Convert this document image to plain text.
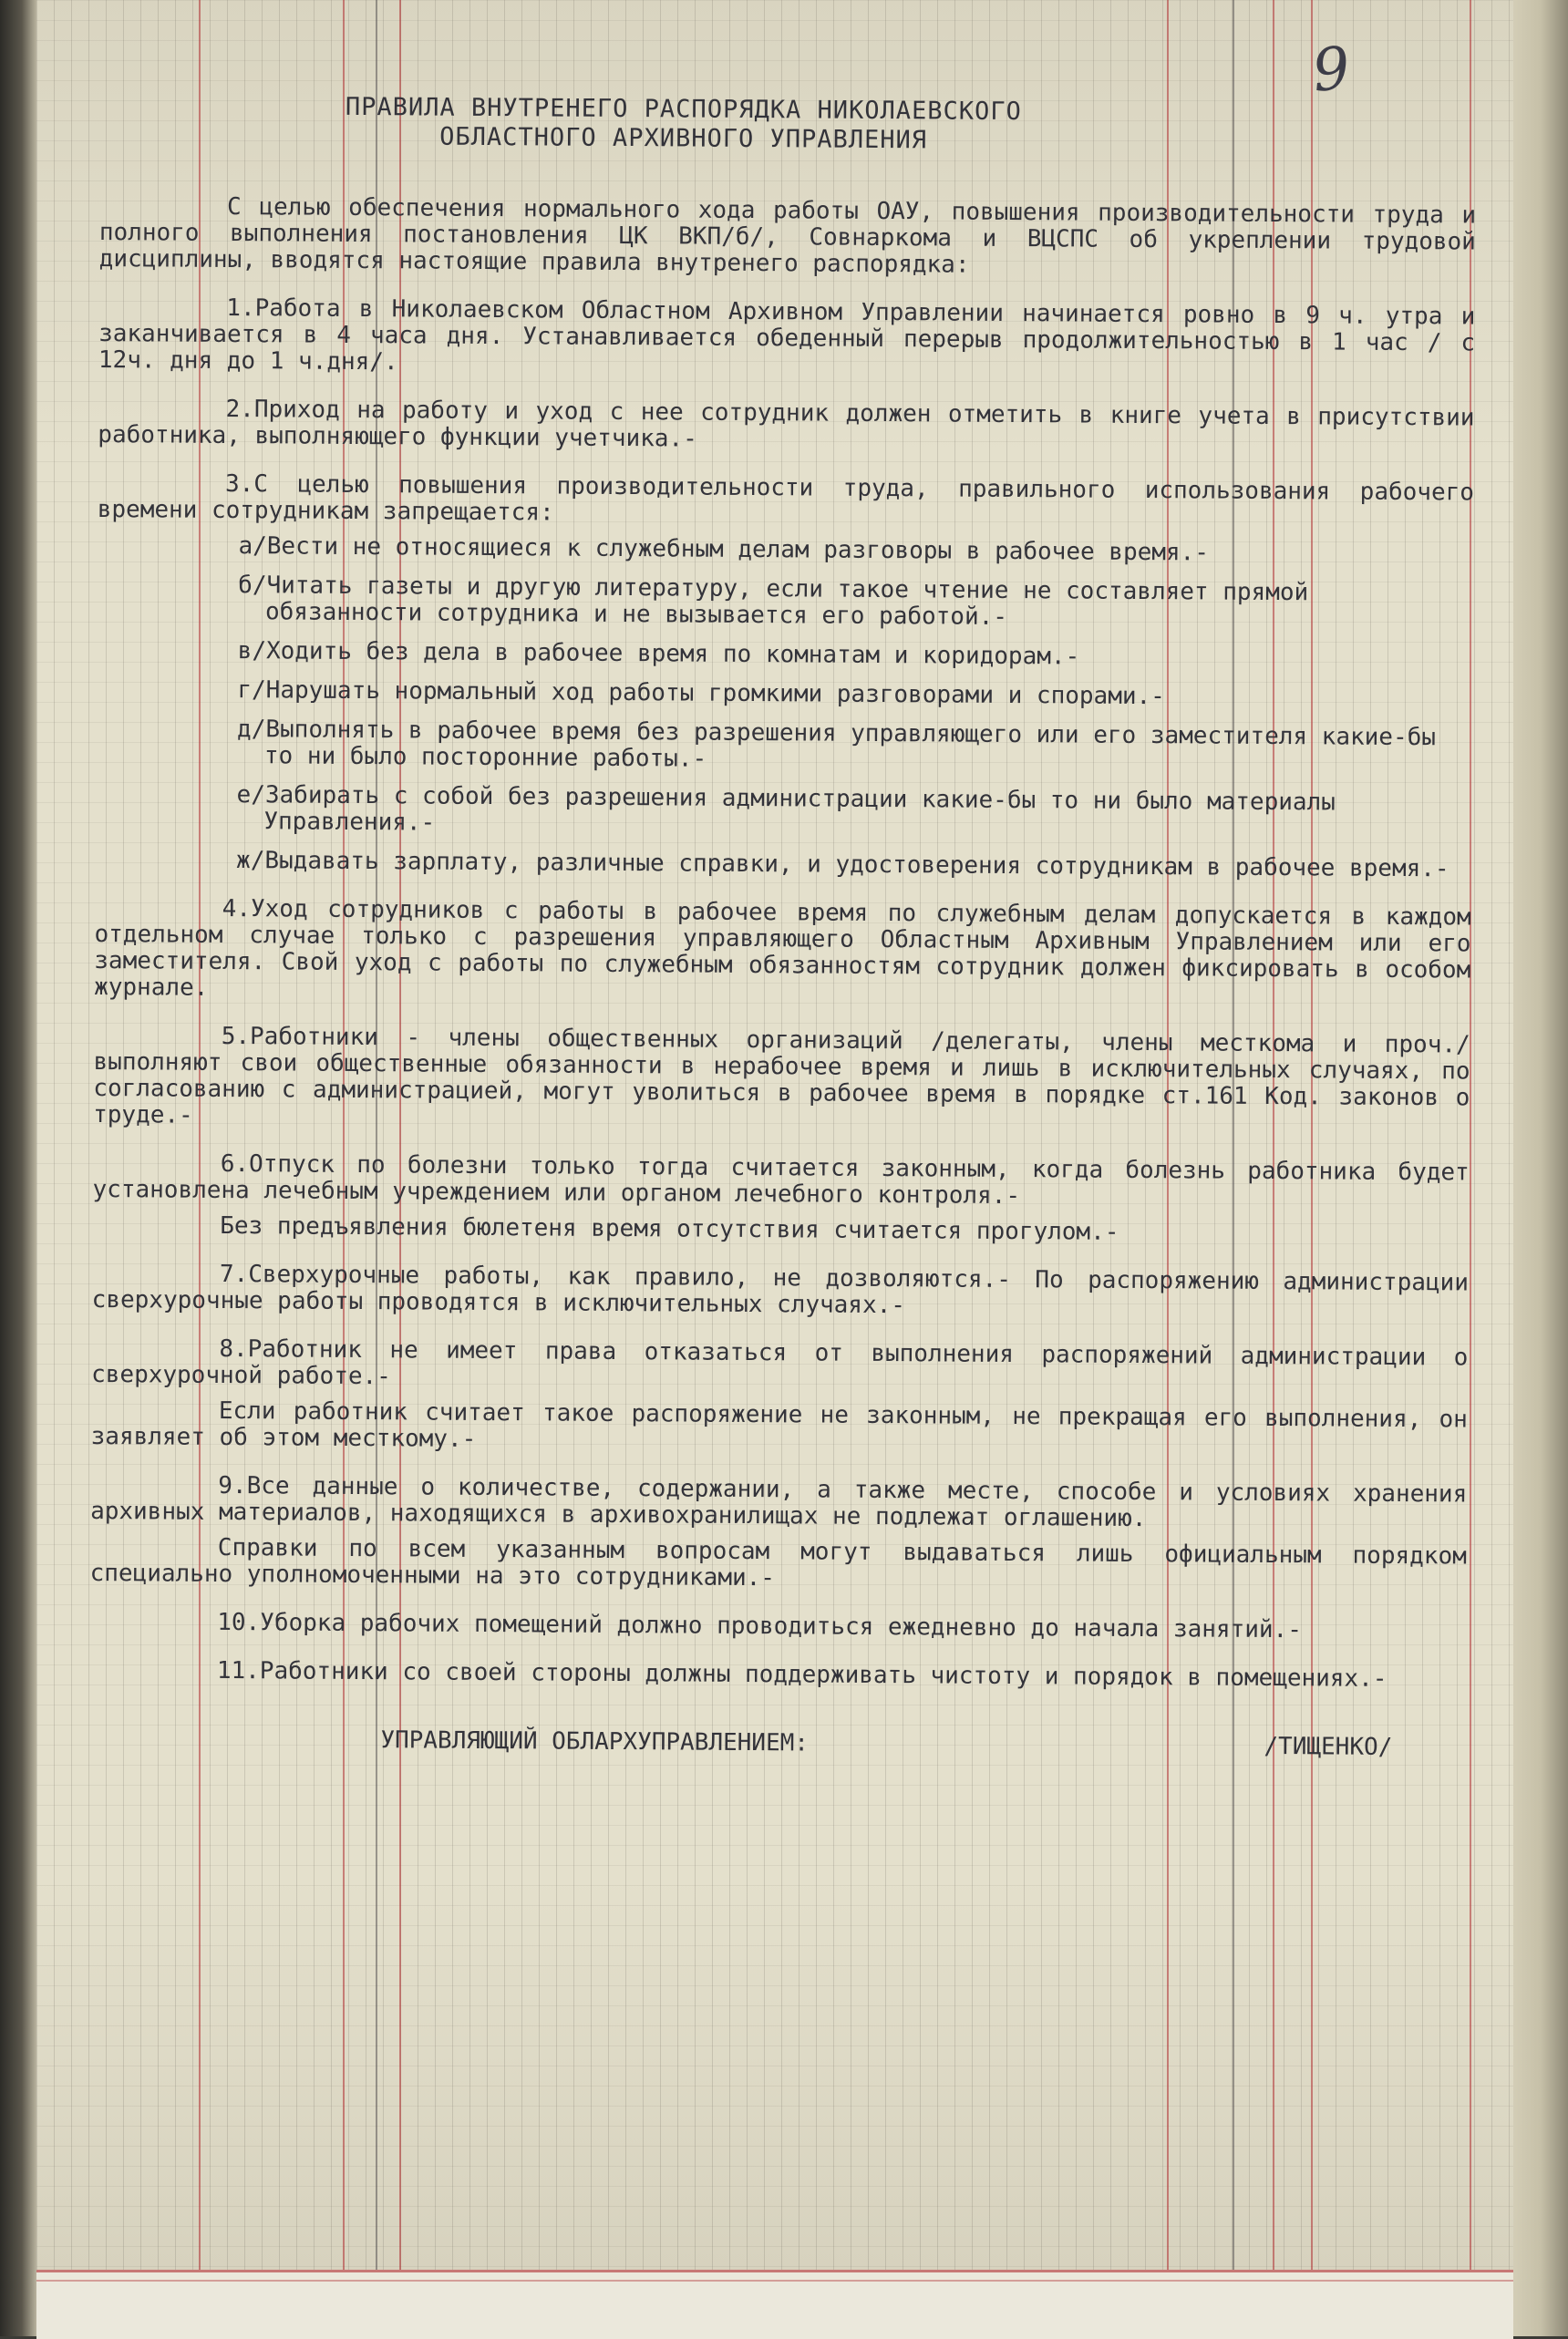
9
ПРАВИЛА ВНУТРЕНЕГО РАСПОРЯДКА НИКОЛАЕВСКОГО
ОБЛАСТНОГО АРХИВНОГО УПРАВЛЕНИЯ

С целью обеспечения нормального хода работы ОАУ, повышения производительности труда и полного выполнения постановления ЦК ВКП/б/, Совнаркома и ВЦСПС об укреплении трудовой дисциплины, вводятся настоящие правила внутренего распорядка:

1.Работа в Николаевском Областном Архивном Управлении начинается ровно в 9 ч. утра и заканчивается в 4 часа дня. Устанавливается обеденный перерыв продолжительностью в 1 час / с 12ч. дня до 1 ч.дня/.

2.Приход на работу и уход с нее сотрудник должен отметить в книге учета в присутствии работника, выполняющего функции учетчика.-

3.С целью повышения производительности труда, правильного использования рабочего времени сотрудникам запрещается:

а/Вести не относящиеся к служебным делам разговоры в рабочее время.-
б/Читать газеты и другую литературу, если такое чтение не составляет прямой обязанности сотрудника и не вызывается его работой.-
в/Ходить без дела в рабочее время по комнатам и коридорам.-
г/Нарушать нормальный ход работы громкими разговорами и спорами.-
д/Выполнять в рабочее время без разрешения управляющего или его заместителя какие-бы то ни было посторонние работы.-
е/Забирать с собой без разрешения администрации какие-бы то ни было материалы Управления.-
ж/Выдавать зарплату, различные справки, и удостоверения сотрудникам в рабочее время.-

4.Уход сотрудников с работы в рабочее время по служебным делам допускается в каждом отдельном случае только с разрешения управляющего Областным Архивным Управлением или его заместителя. Свой уход с работы по служебным обязанностям сотрудник должен фиксировать в особом журнале.

5.Работники - члены общественных организаций /делегаты, члены месткома и проч./ выполняют свои общественные обязанности в нерабочее время и лишь в исключительных случаях, по согласованию с администрацией, могут уволиться в рабочее время в порядке ст.161 Код. законов о труде.-

6.Отпуск по болезни только тогда считается законным, когда болезнь работника будет установлена лечебным учреждением или органом лечебного контроля.-

Без предъявления бюлетеня время отсутствия считается прогулом.-

7.Сверхурочные работы, как правило, не дозволяются.- По распоряжению администрации сверхурочные работы проводятся в исключительных случаях.-

8.Работник не имеет права отказаться от выполнения распоряжений администрации о сверхурочной работе.-

Если работник считает такое распоряжение не законным, не прекращая его выполнения, он заявляет об этом месткому.-

9.Все данные о количестве, содержании, а также месте, способе и условиях хранения архивных материалов, находящихся в архивохранилищах не подлежат оглашению.

Справки по всем указанным вопросам могут выдаваться лишь официальным порядком специально уполномоченными на это сотрудниками.-

10.Уборка рабочих помещений должно проводиться ежедневно до начала занятий.-

11.Работники со своей стороны должны поддерживать чистоту и порядок в помещениях.-

УПРАВЛЯЮЩИЙ ОБЛАРХУПРАВЛЕНИЕМ:	/ТИЩЕНКО/
